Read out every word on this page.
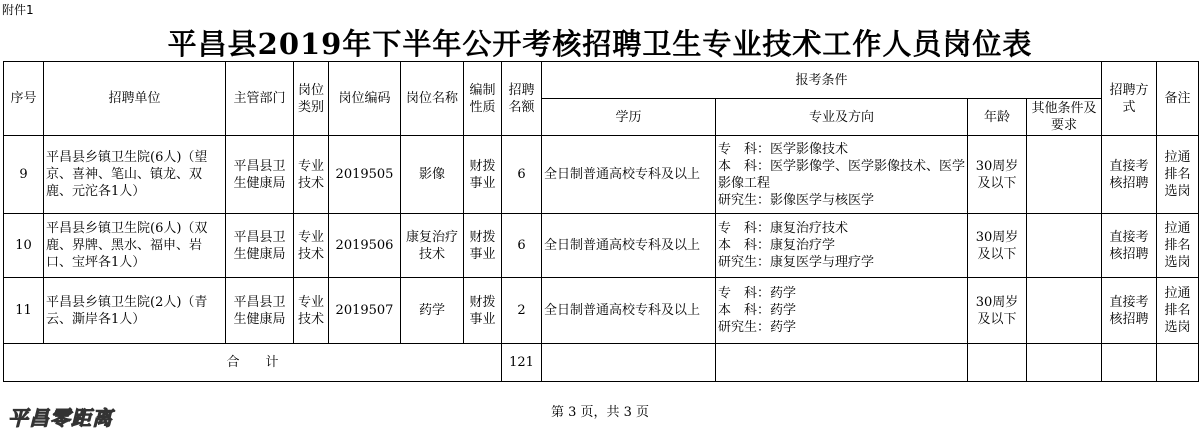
附件1
平昌县2019年下半年公开考核招聘卫生专业技术工作人员岗位表
序号	招聘单位	主管部门	岗位类别	岗位编码	岗位名称	编制性质	招聘名额	报考条件				招聘方式	备注
								学历	专业及方向	年龄	其他条件及要求		
9	平昌县乡镇卫生院(6人)（望京、喜神、笔山、镇龙、双鹿、元沱各1人）	平昌县卫生健康局	专业技术	2019505	影像	财拨事业	6	全日制普通高校专科及以上	专　科：医学影像技术
本　科：医学影像学、医学影像技术、医学影像工程
研究生：影像医学与核医学	30周岁及以下		直接考核招聘	拉通排名选岗
10	平昌县乡镇卫生院(6人)（双鹿、界牌、黑水、福申、岩口、宝坪各1人）	平昌县卫生健康局	专业技术	2019506	康复治疗技术	财拨事业	6	全日制普通高校专科及以上	专　科：康复治疗技术
本　科：康复治疗学
研究生：康复医学与理疗学	30周岁及以下		直接考核招聘	拉通排名选岗
11	平昌县乡镇卫生院(2人)（青云、澌岸各1人）	平昌县卫生健康局	专业技术	2019507	药学	财拨事业	2	全日制普通高校专科及以上	专　科：药学
本　科：药学
研究生：药学	30周岁及以下		直接考核招聘	拉通排名选岗
合　　计							121						
平昌零距离	第 3 页，共 3 页
